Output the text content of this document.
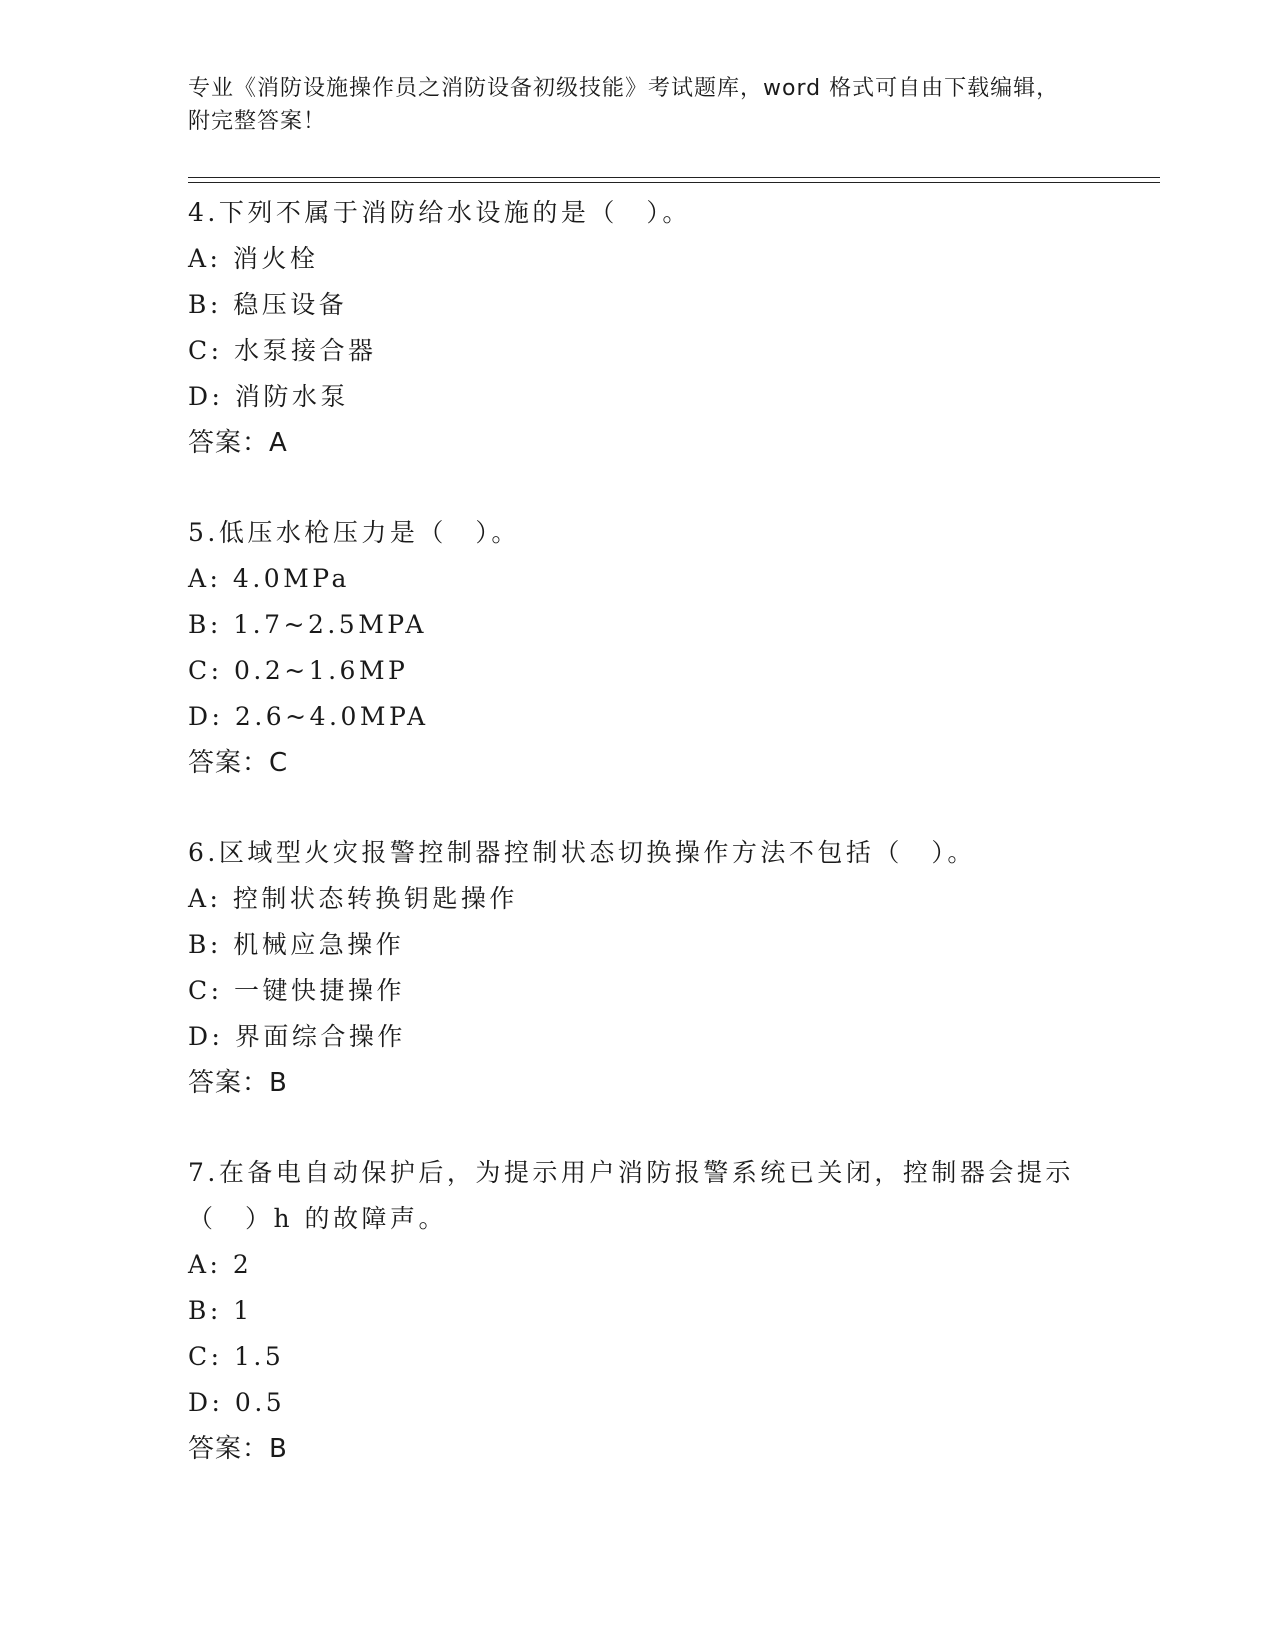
专业《消防设施操作员之消防设备初级技能》考试题库，word 格式可自由下载编辑，附完整答案！
4.下列不属于消防给水设施的是（　）。
A: 消火栓
B: 稳压设备
C: 水泵接合器
D: 消防水泵
答案：A
5.低压水枪压力是（　）。
A: 4.0MPa
B: 1.7~2.5MPA
C: 0.2~1.6MP
D: 2.6~4.0MPA
答案：C
6.区域型火灾报警控制器控制状态切换操作方法不包括（　）。
A: 控制状态转换钥匙操作
B: 机械应急操作
C: 一键快捷操作
D: 界面综合操作
答案：B
7.在备电自动保护后，为提示用户消防报警系统已关闭，控制器会提示（　）h 的故障声。
A: 2
B: 1
C: 1.5
D: 0.5
答案：B
